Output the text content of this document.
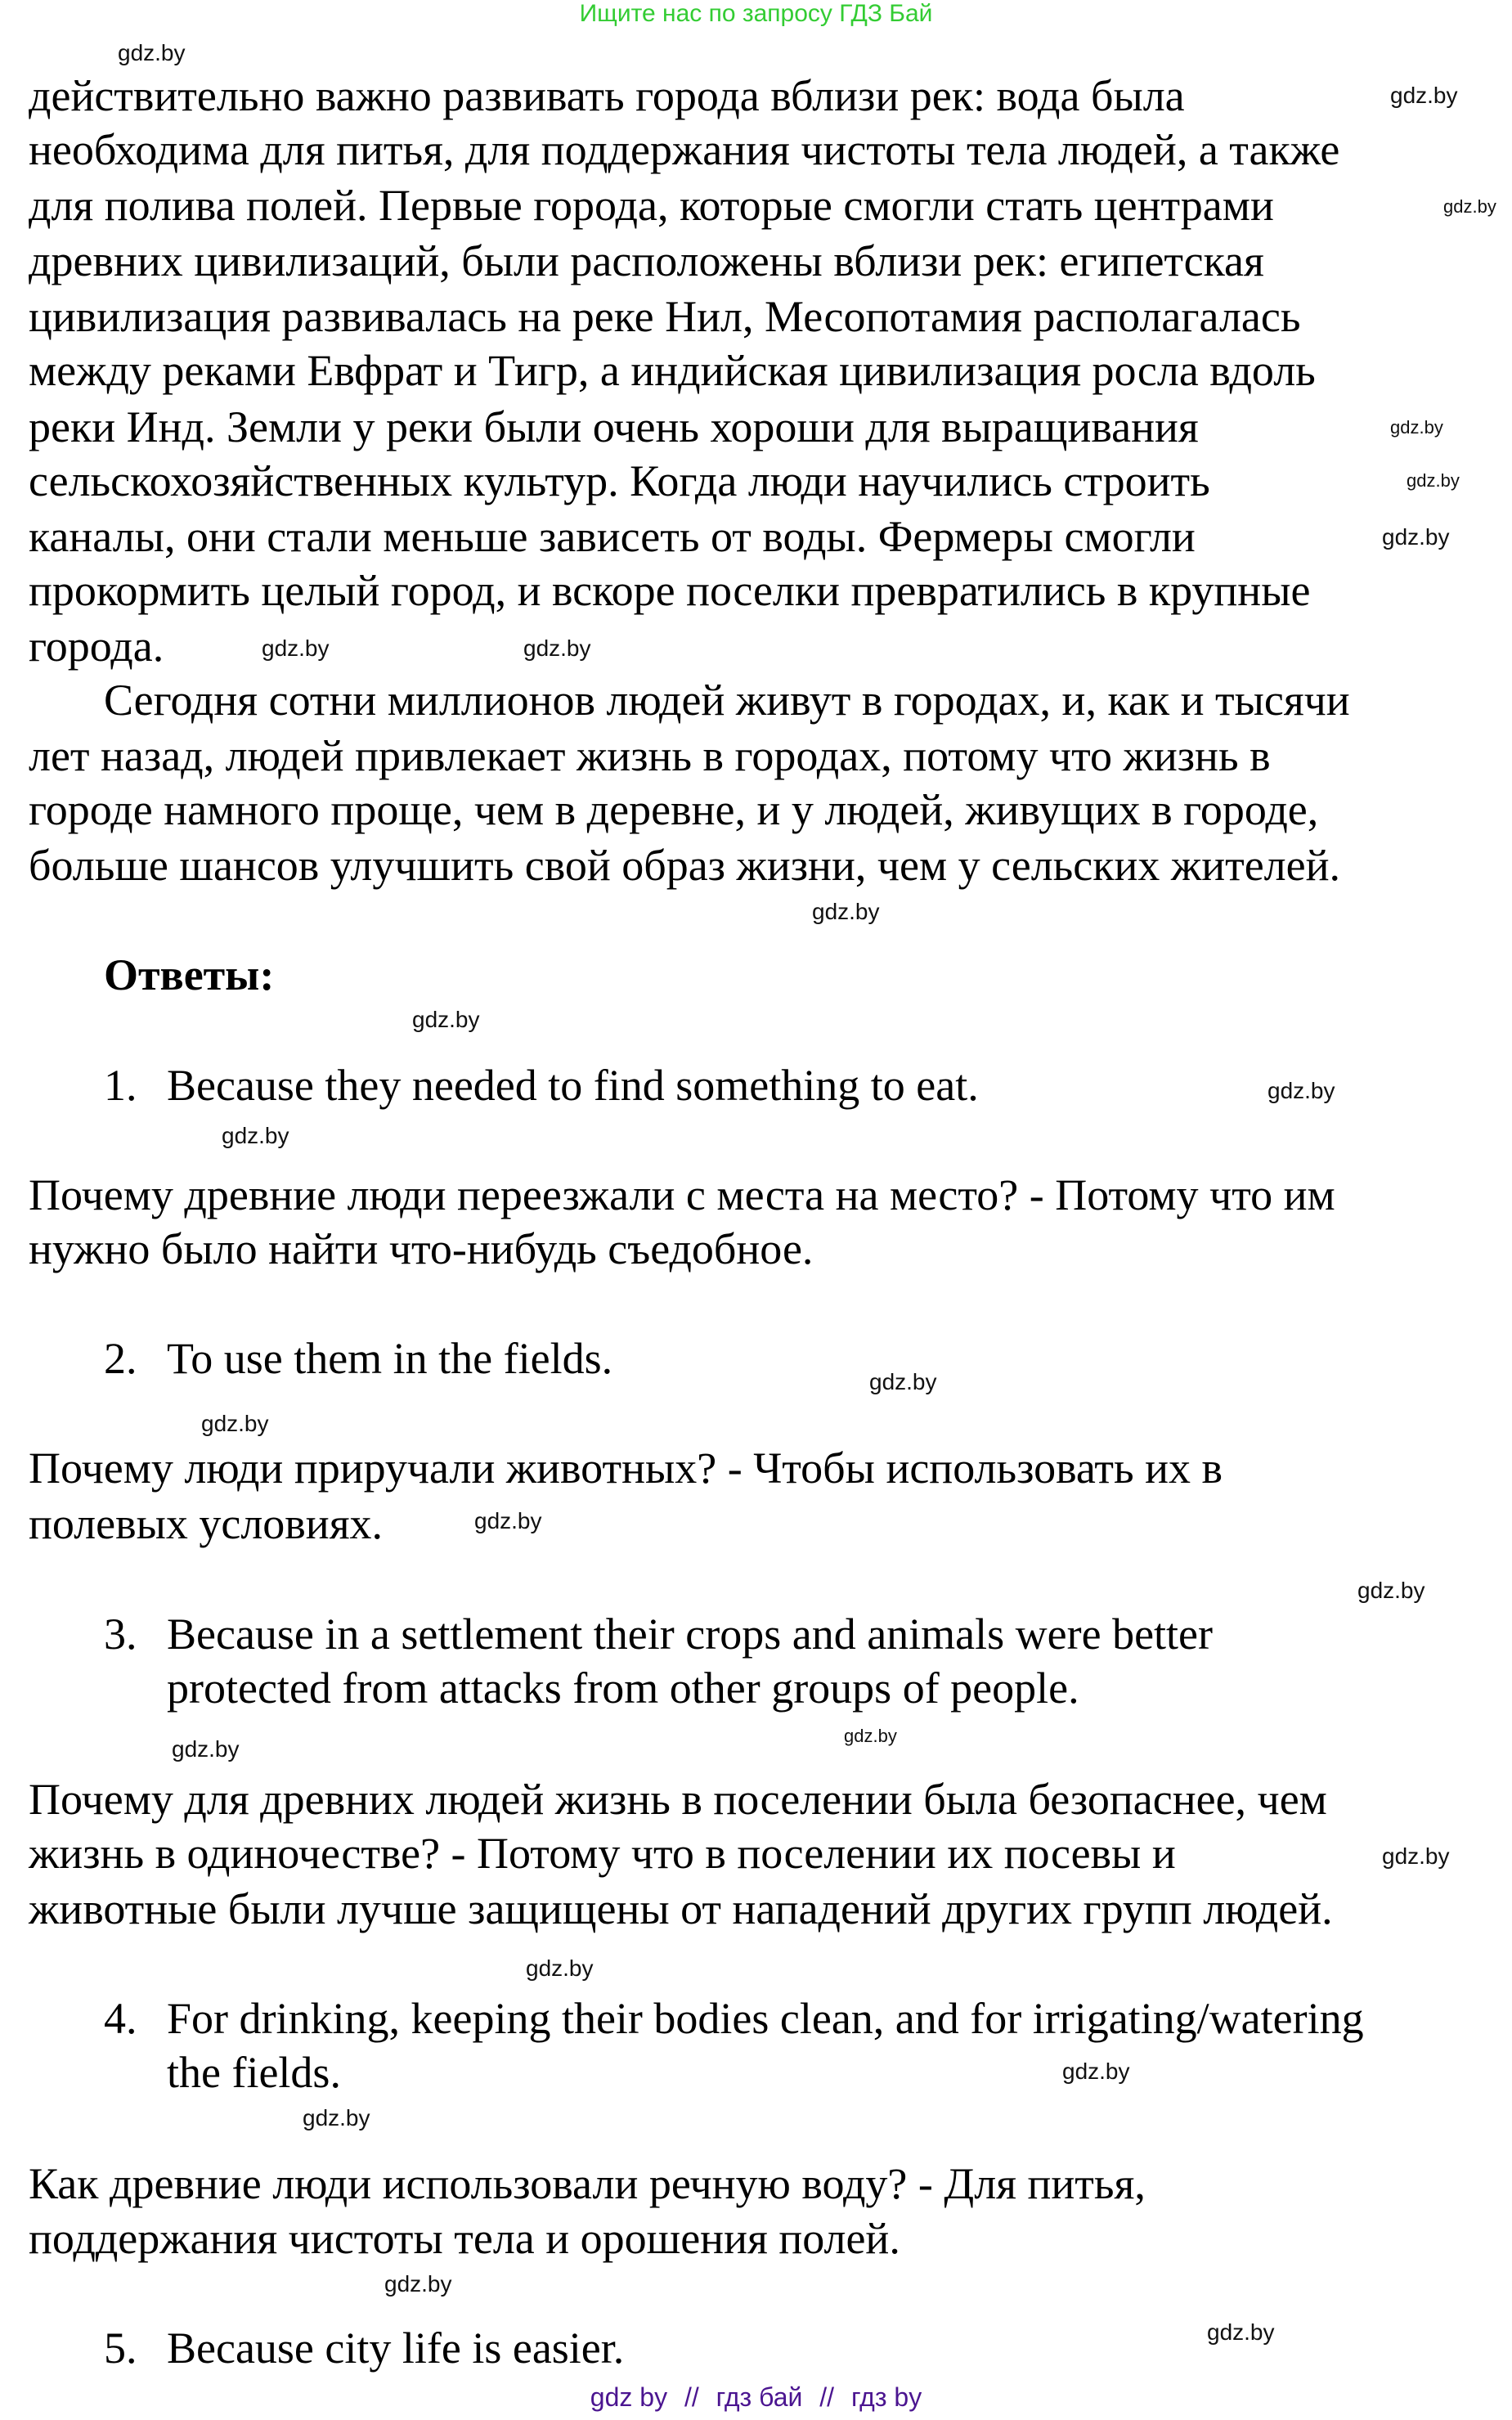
Ищите нас по запросу ГДЗ Бай
действительно важно развивать города вблизи рек: вода была
необходима для питья, для поддержания чистоты тела людей, а также
для полива полей. Первые города, которые смогли стать центрами
древних цивилизаций, были расположены вблизи рек: египетская
цивилизация развивалась на реке Нил, Месопотамия располагалась
между реками Евфрат и Тигр, а индийская цивилизация росла вдоль
реки Инд. Земли у реки были очень хороши для выращивания
сельскохозяйственных культур. Когда люди научились строить
каналы, они стали меньше зависеть от воды. Фермеры смогли
прокормить целый город, и вскоре поселки превратились в крупные
города.
Сегодня сотни миллионов людей живут в городах, и, как и тысячи
лет назад, людей привлекает жизнь в городах, потому что жизнь в
городе намного проще, чем в деревне, и у людей, живущих в городе,
больше шансов улучшить свой образ жизни, чем у сельских жителей.
Ответы:
1. Because they needed to find something to eat.
Почему древние люди переезжали с места на место? - Потому что им
нужно было найти что-нибудь съедобное.
2. To use them in the fields.
Почему люди приручали животных? - Чтобы использовать их в
полевых условиях.
3. Because in a settlement their crops and animals were better
protected from attacks from other groups of people.
Почему для древних людей жизнь в поселении была безопаснее, чем
жизнь в одиночестве? - Потому что в поселении их посевы и
животные были лучше защищены от нападений других групп людей.
4. For drinking, keeping their bodies clean, and for irrigating/watering
the fields.
Как древние люди использовали речную воду? - Для питья,
поддержания чистоты тела и орошения полей.
5. Because city life is easier.
gdz.by
gdz.by
gdz.by
gdz.by
gdz.by
gdz.by	gdz.by
gdz.by
gdz.by
gdz.by
gdz.by
gdz.by
gdz.by
gdz.by
gdz.by
gdz.by
gdz.by
gdz.by
gdz.by
gdz.by
gdz.by
gdz.by
gdz.by
gdz.by
gdz by // гдз бай // гдз by
